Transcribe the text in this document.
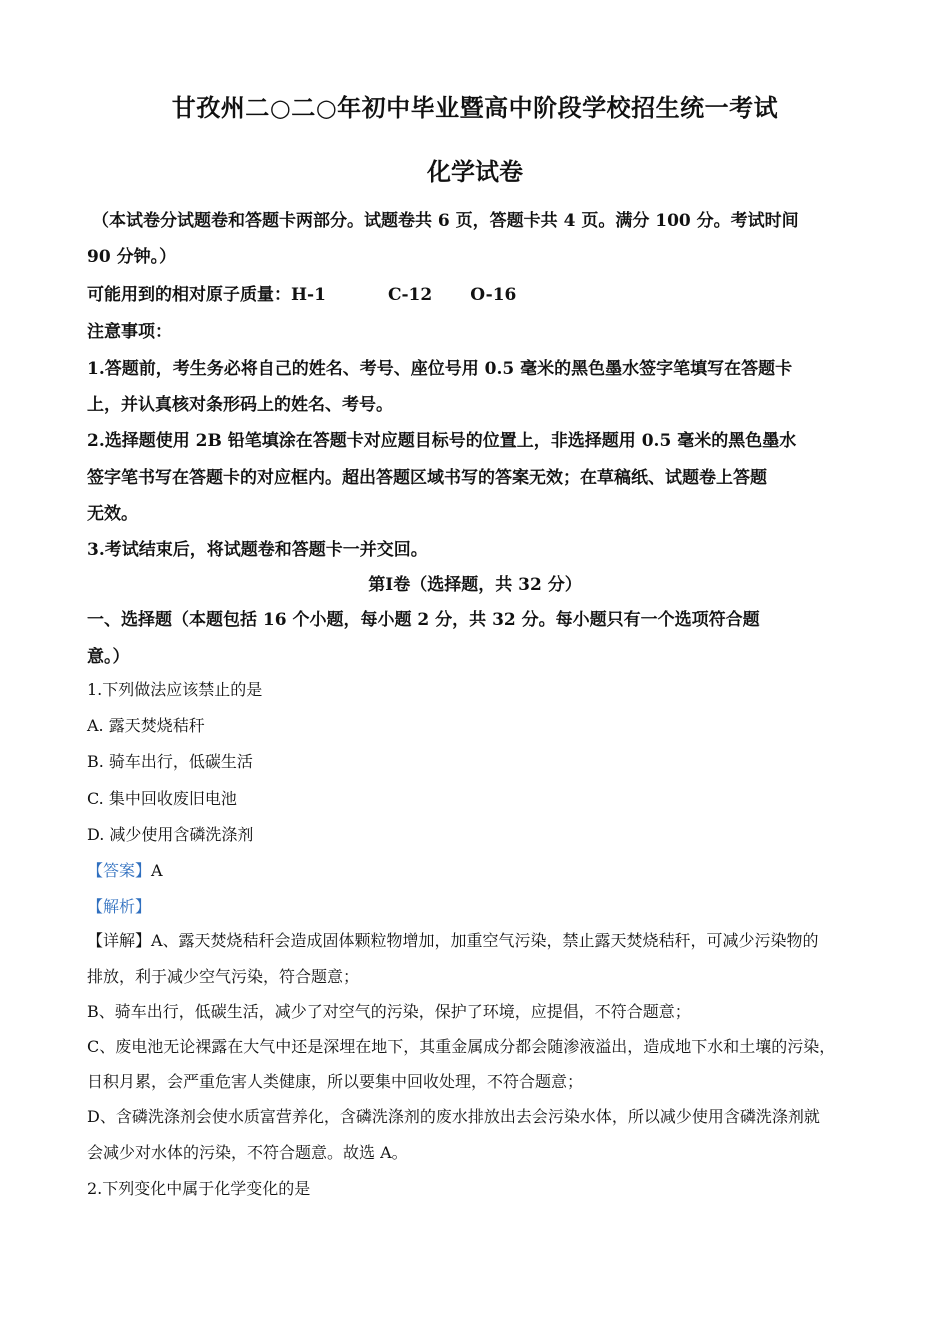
甘孜州二○二○年初中毕业暨高中阶段学校招生统一考试
化学试卷

（本试卷分试题卷和答题卡两部分。试题卷共 6 页，答题卡共 4 页。满分 100 分。考试时间

90 分钟。）

可能用到的相对原子质量：H-1	C-12 O-16

注意事项：

1.答题前，考生务必将自己的姓名、考号、座位号用 0.5 毫米的黑色墨水签字笔填写在答题卡

上，并认真核对条形码上的姓名、考号。

2.选择题使用 2B 铅笔填涂在答题卡对应题目标号的位置上，非选择题用 0.5 毫米的黑色墨水

签字笔书写在答题卡的对应框内。超出答题区域书写的答案无效；在草稿纸、试题卷上答题

无效。

3.考试结束后，将试题卷和答题卡一并交回。

第Ⅰ卷（选择题，共 32 分）

一、选择题（本题包括 16 个小题，每小题 2 分，共 32 分。每小题只有一个选项符合题

意。）

1.下列做法应该禁止的是

A. 露天焚烧秸秆

B. 骑车出行，低碳生活

C. 集中回收废旧电池

D. 减少使用含磷洗涤剂

【答案】A

【解析】

【详解】A、露天焚烧秸秆会造成固体颗粒物增加，加重空气污染，禁止露天焚烧秸秆，可减少污染物的

排放，利于减少空气污染，符合题意；

B、骑车出行，低碳生活，减少了对空气的污染，保护了环境，应提倡，不符合题意；

C、废电池无论裸露在大气中还是深埋在地下，其重金属成分都会随渗液溢出，造成地下水和土壤的污染，

日积月累，会严重危害人类健康，所以要集中回收处理，不符合题意；

D、含磷洗涤剂会使水质富营养化，含磷洗涤剂的废水排放出去会污染水体，所以减少使用含磷洗涤剂就

会减少对水体的污染，不符合题意。故选 A。

2.下列变化中属于化学变化的是
